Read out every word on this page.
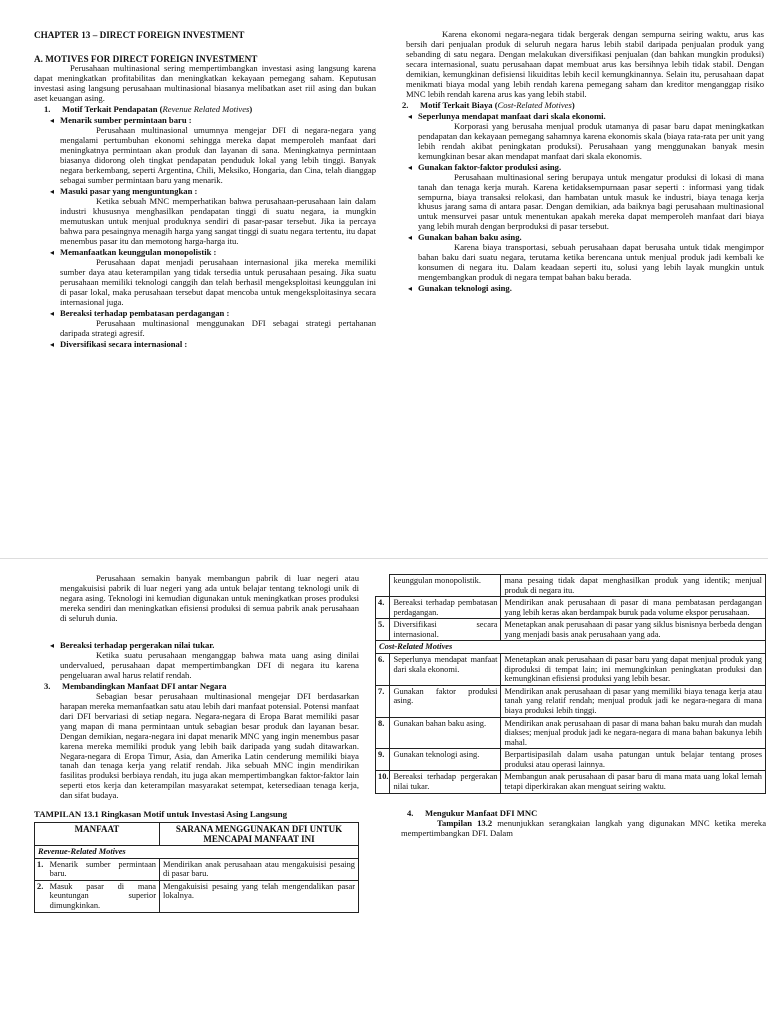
CHAPTER 13 – DIRECT FOREIGN INVESTMENT
A. MOTIVES FOR DIRECT FOREIGN INVESTMENT

Perusahaan multinasional sering mempertimbangkan investasi asing langsung karena dapat meningkatkan profitabilitas dan meningkatkan kekayaan pemegang saham. Keputusan investasi asing langsung perusahaan multinasional biasanya melibatkan aset riil asing dan bukan aset keuangan asing.

1. Motif Terkait Pendapatan (Revenue Related Motives)
◂ Menarik sumber permintaan baru :

Perusahaan multinasional umumnya mengejar DFI di negara-negara yang mengalami pertumbuhan ekonomi sehingga mereka dapat memperoleh manfaat dari meningkatnya permintaan akan produk dan layanan di sana. Meningkatnya permintaan biasanya didorong oleh tingkat pendapatan penduduk lokal yang lebih tinggi. Banyak negara berkembang, seperti Argentina, Chili, Meksiko, Hongaria, dan Cina, telah dianggap sebagai sumber permintaan baru yang menarik.

◂ Masuki pasar yang menguntungkan :

Ketika sebuah MNC memperhatikan bahwa perusahaan-perusahaan lain dalam industri khususnya menghasilkan pendapatan tinggi di suatu negara, ia mungkin memutuskan untuk menjual produknya sendiri di pasar-pasar tersebut. Jika ia percaya bahwa para pesaingnya menagih harga yang sangat tinggi di suatu negara tertentu, itu dapat menembus pasar itu dan memotong harga-harga itu.

◂ Memanfaatkan keunggulan monopolistik :

Perusahaan dapat menjadi perusahaan internasional jika mereka memiliki sumber daya atau keterampilan yang tidak tersedia untuk perusahaan pesaing. Jika suatu perusahaan memiliki teknologi canggih dan telah berhasil mengeksploitasi keunggulan ini di pasar lokal, maka perusahaan tersebut dapat mencoba untuk mengeksploitasinya secara internasional juga.

◂ Bereaksi terhadap pembatasan perdagangan :

Perusahaan multinasional menggunakan DFI sebagai strategi pertahanan daripada strategi agresif.

◂ Diversifikasi secara internasional :

Karena ekonomi negara-negara tidak bergerak dengan sempurna seiring waktu, arus kas bersih dari penjualan produk di seluruh negara harus lebih stabil daripada penjualan produk yang sebanding di satu negara. Dengan melakukan diversifikasi penjualan (dan bahkan mungkin produksi) secara internasional, suatu perusahaan dapat membuat arus kas bersihnya lebih tidak stabil. Dengan demikian, kemungkinan defisiensi likuiditas lebih kecil kemungkinannya. Selain itu, perusahaan dapat menikmati biaya modal yang lebih rendah karena pemegang saham dan kreditor menganggap risiko MNC lebih rendah karena arus kas yang lebih stabil.

2. Motif Terkait Biaya (Cost-Related Motives)
◂ Seperlunya mendapat manfaat dari skala ekonomi.

Korporasi yang berusaha menjual produk utamanya di pasar baru dapat meningkatkan pendapatan dan kekayaan pemegang sahamnya karena ekonomis skala (biaya rata-rata per unit yang lebih rendah akibat peningkatan produksi). Perusahaan yang menggunakan banyak mesin kemungkinan besar akan mendapat manfaat dari skala ekonomis.

◂ Gunakan faktor-faktor produksi asing.

Perusahaan multinasional sering berupaya untuk mengatur produksi di lokasi di mana tanah dan tenaga kerja murah. Karena ketidaksempurnaan pasar seperti : informasi yang tidak sempurna, biaya transaksi relokasi, dan hambatan untuk masuk ke industri, biaya tenaga kerja khusus jarang sama di antara pasar. Dengan demikian, ada baiknya bagi perusahaan multinasional untuk mensurvei pasar untuk menentukan apakah mereka dapat memperoleh manfaat dari biaya yang lebih murah dengan berproduksi di pasar tersebut.

◂ Gunakan bahan baku asing.

Karena biaya transportasi, sebuah perusahaan dapat berusaha untuk tidak mengimpor bahan baku dari suatu negara, terutama ketika berencana untuk menjual produk jadi kembali ke konsumen di negara itu. Dalam keadaan seperti itu, solusi yang lebih layak mungkin untuk mengembangkan produk di negara tempat bahan baku berada.

◂ Gunakan teknologi asing.

Perusahaan semakin banyak membangun pabrik di luar negeri atau mengakuisisi pabrik di luar negeri yang ada untuk belajar tentang teknologi unik di negara asing. Teknologi ini kemudian digunakan untuk meningkatkan proses produksi mereka sendiri dan meningkatkan efisiensi produksi di semua pabrik anak perusahaan di seluruh dunia.

◂ Bereaksi terhadap pergerakan nilai tukar.

Ketika suatu perusahaan menganggap bahwa mata uang asing dinilai undervalued, perusahaan dapat mempertimbangkan DFI di negara itu karena pengeluaran awal harus relatif rendah.

3. Membandingkan Manfaat DFI antar Negara

Sebagian besar perusahaan multinasional mengejar DFI berdasarkan harapan mereka memanfaatkan satu atau lebih dari manfaat potensial. Potensi manfaat dari DFI bervariasi di setiap negara. Negara-negara di Eropa Barat memiliki pasar yang mapan di mana permintaan untuk sebagian besar produk dan layanan besar. Dengan demikian, negara-negara ini dapat menarik MNC yang ingin menembus pasar karena mereka memiliki produk yang lebih baik daripada yang sudah ditawarkan. Negara-negara di Eropa Timur, Asia, dan Amerika Latin cenderung memiliki biaya tanah dan tenaga kerja yang relatif rendah. Jika sebuah MNC ingin mendirikan fasilitas produksi berbiaya rendah, itu juga akan mempertimbangkan faktor-faktor lain seperti etos kerja dan keterampilan masyarakat setempat, ketersediaan tenaga kerja, dan sifat budaya.

TAMPILAN 13.1 Ringkasan Motif untuk Investasi Asing Langsung
MANFAAT		SARANA MENGGUNAKAN DFI UNTUK MENCAPAI MANFAAT INI
Revenue-Related Motives		
1.	Menarik sumber permintaan baru.	Mendirikan anak perusahaan atau mengakuisisi pesaing di pasar baru.
2.	Masuk pasar di mana keuntungan superior dimungkinkan.	Mengakuisisi pesaing yang telah mengendalikan pasar lokalnya.
	keunggulan monopolistik.	mana pesaing tidak dapat menghasilkan produk yang identik; menjual produk di negara itu.
4.	Bereaksi terhadap pembatasan perdagangan.	Mendirikan anak perusahaan di pasar di mana pembatasan perdagangan yang lebih keras akan berdampak buruk pada volume ekspor perusahaan.
5.	Diversifikasi secara internasional.	Menetapkan anak perusahaan di pasar yang siklus bisnisnya berbeda dengan yang menjadi basis anak perusahaan yang ada.
Cost-Related Motives		
6.	Seperlunya mendapat manfaat dari skala ekonomi.	Menetapkan anak perusahaan di pasar baru yang dapat menjual produk yang diproduksi di tempat lain; ini memungkinkan peningkatan produksi dan kemungkinan efisiensi produksi yang lebih besar.
7.	Gunakan faktor produksi asing.	Mendirikan anak perusahaan di pasar yang memiliki biaya tenaga kerja atau tanah yang relatif rendah; menjual produk jadi ke negara-negara di mana biaya produksi lebih tinggi.
8.	Gunakan bahan baku asing.	Mendirikan anak perusahaan di pasar di mana bahan baku murah dan mudah diakses; menjual produk jadi ke negara-negara di mana bahan bakunya lebih mahal.
9.	Gunakan teknologi asing.	Berpartisipasilah dalam usaha patungan untuk belajar tentang proses produksi atau operasi lainnya.
10.	Bereaksi terhadap pergerakan nilai tukar.	Membangun anak perusahaan di pasar baru di mana mata uang lokal lemah tetapi diperkirakan akan menguat seiring waktu.
4. Mengukur Manfaat DFI MNC

Tampilan 13.2 menunjukkan serangkaian langkah yang digunakan MNC ketika mereka mempertimbangkan DFI. Dalam
